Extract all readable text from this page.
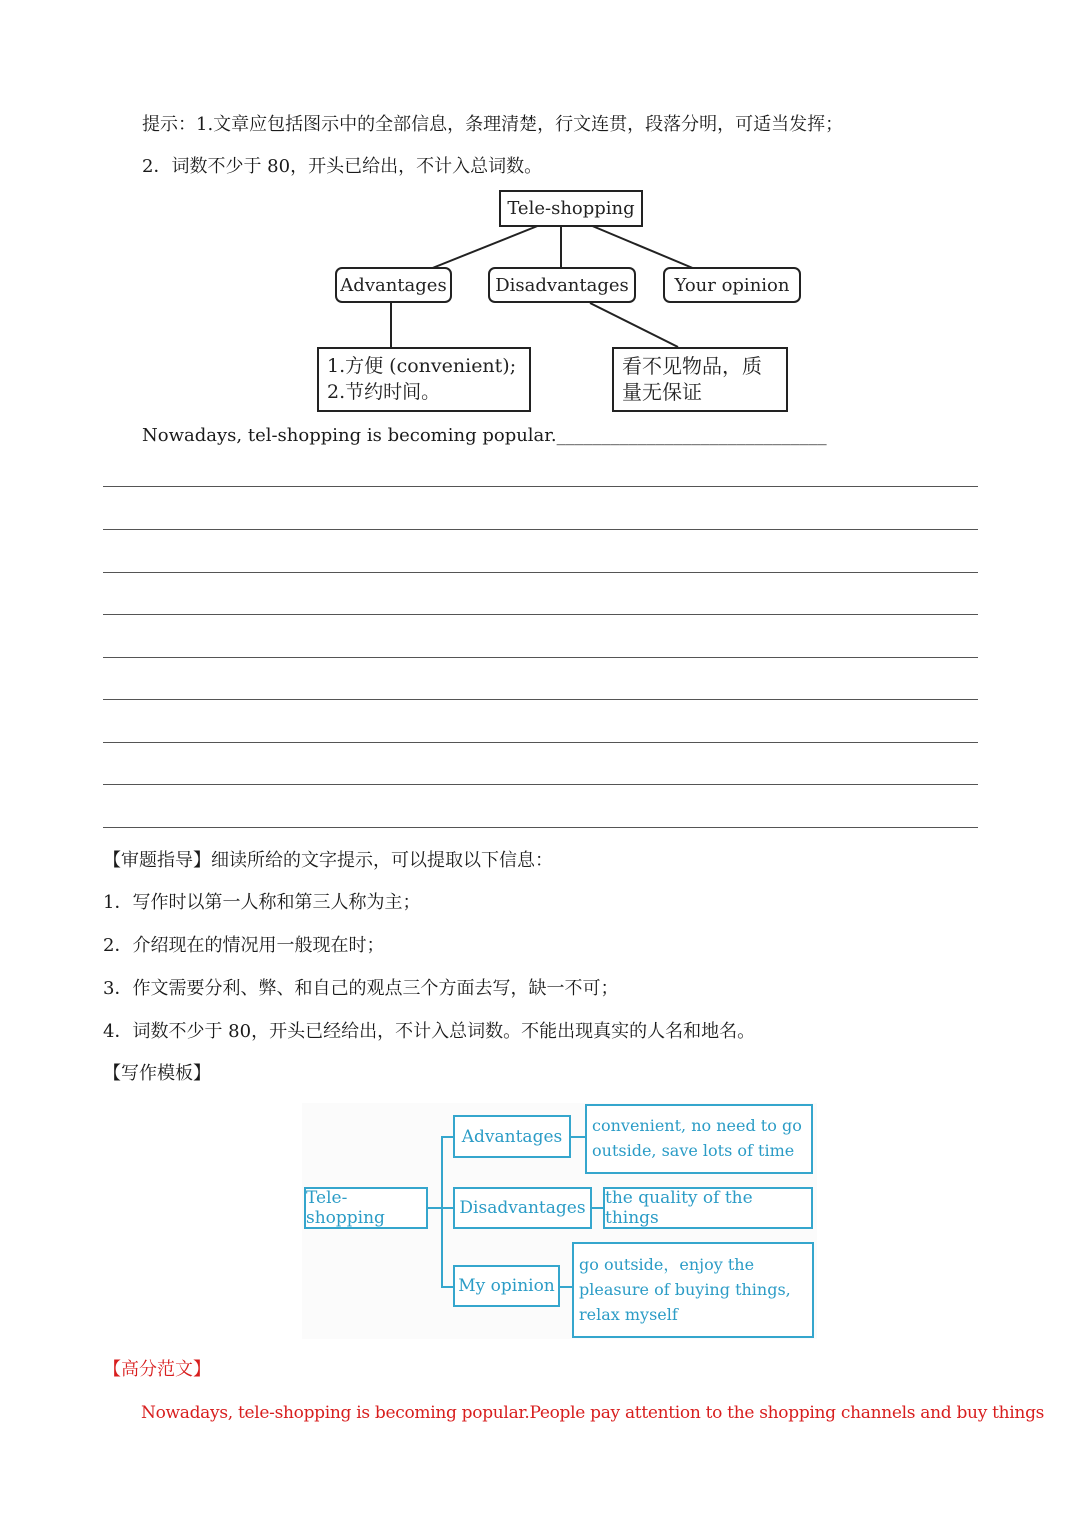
提示：1.文章应包括图示中的全部信息，条理清楚，行文连贯，段落分明，可适当发挥；
2．词数不少于 80，开头已给出，不计入总词数。
Tele-shopping
Advantages	Disadvantages	Your opinion
1.方便 (convenient);
2.节约时间。
看不见物品，质
量无保证
Nowadays, tel-shopping is becoming popular.______________________________
【审题指导】细读所给的文字提示，可以提取以下信息：
1．写作时以第一人称和第三人称为主；
2．介绍现在的情况用一般现在时；
3．作文需要分利、弊、和自己的观点三个方面去写，缺一不可；
4．词数不少于 80，开头已经给出，不计入总词数。不能出现真实的人名和地名。
【写作模板】
Tele-shopping
Advantages
convenient, no need to go
outside, save lots of time
Disadvantages	the quality of the things
My opinion
go outside，enjoy the
pleasure of buying things,
relax myself
【高分范文】
Nowadays, tele-shopping is becoming popular.People pay attention to the shopping channels and buy things
